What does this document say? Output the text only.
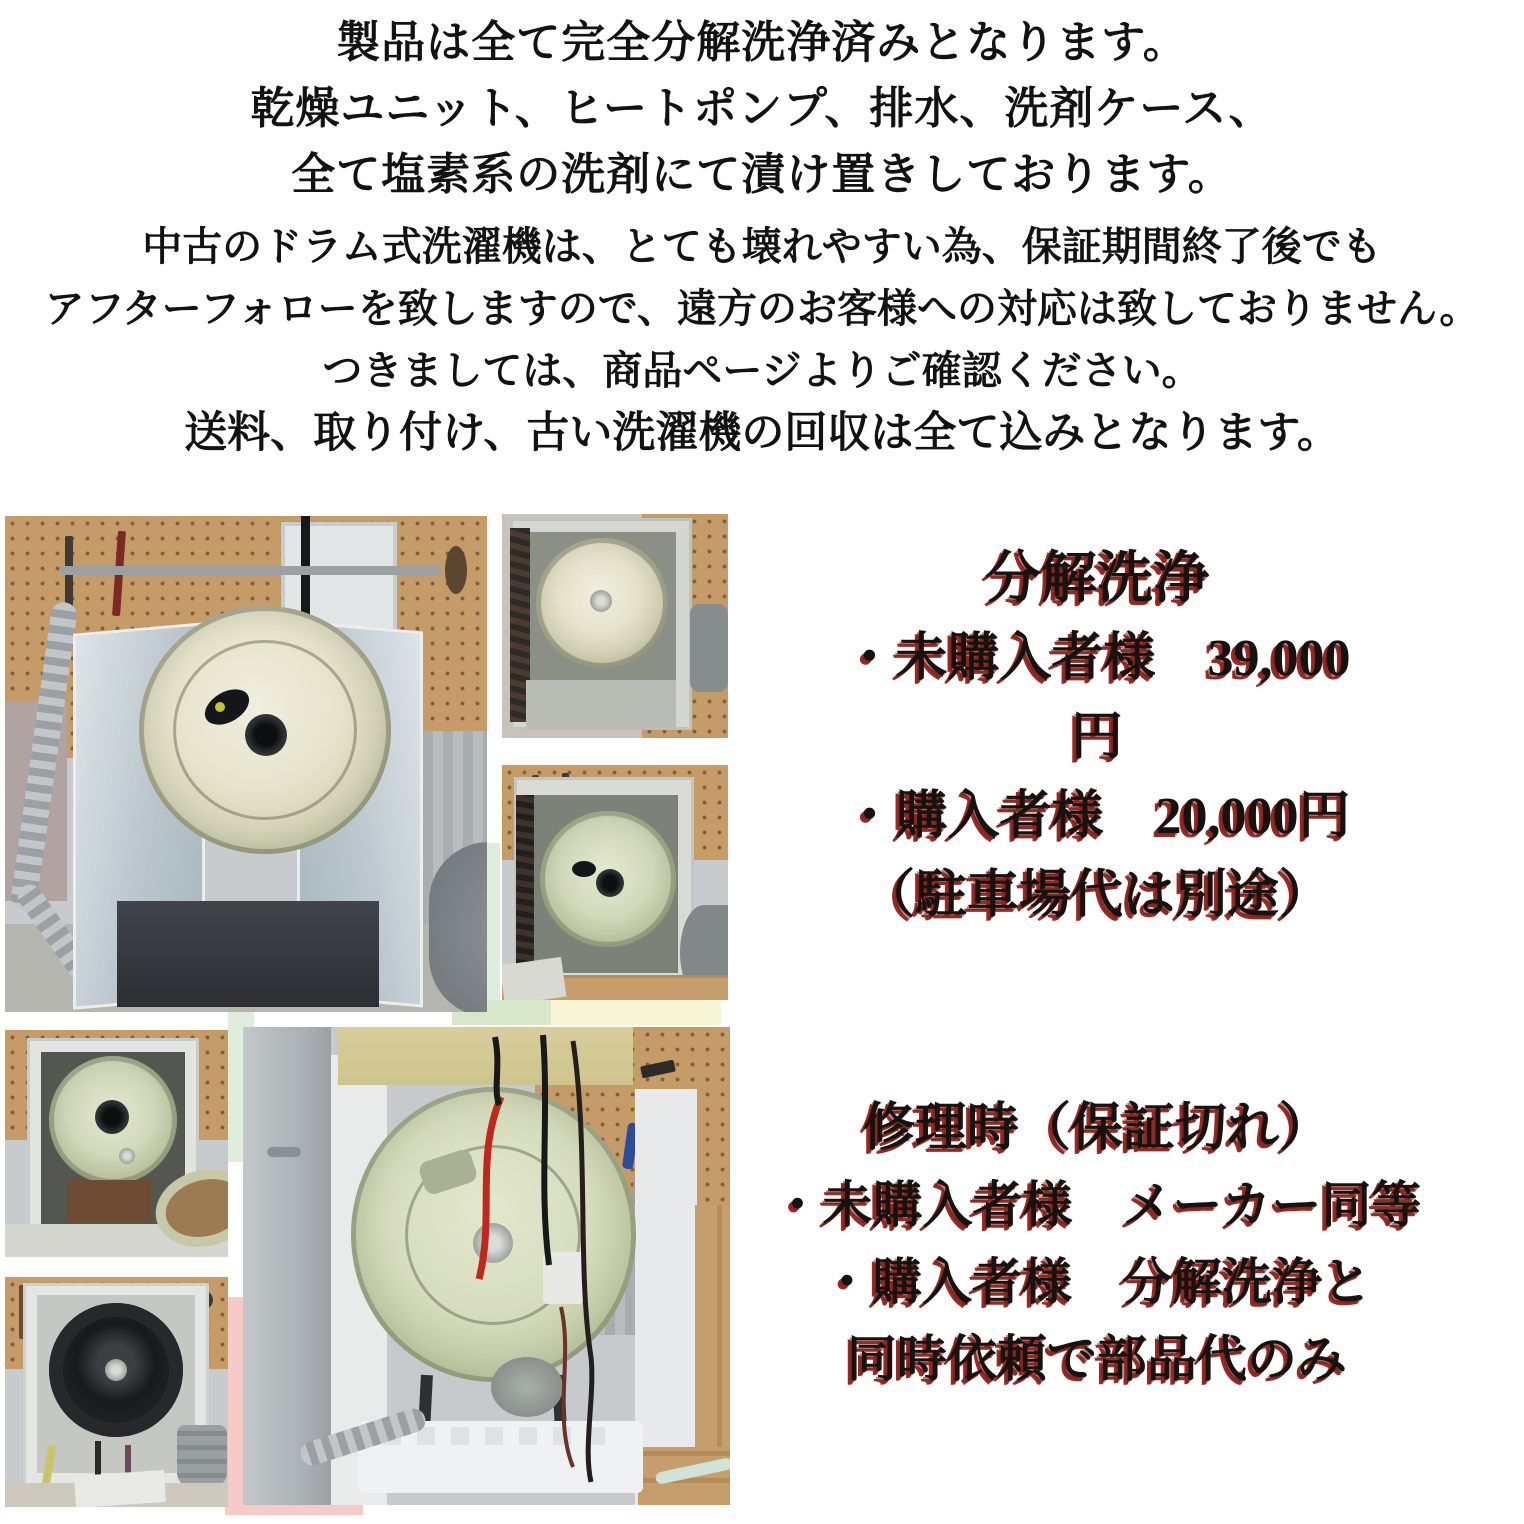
製品は全て完全分解洗浄済みとなります。

乾燥ユニット、ヒートポンプ、排水、洗剤ケース、

全て塩素系の洗剤にて漬け置きしております。

中古のドラム式洗濯機は、とても壊れやすい為、保証期間終了後でも

アフターフォローを致しますので、遠方のお客様への対応は致しておりません。

つきましては、商品ページよりご確認ください。

送料、取り付け、古い洗濯機の回収は全て込みとなります。

分解洗浄

・未購入者様　39,000

円

・購入者様　20,000円

（駐車場代は別途）

修理時（保証切れ）

・未購入者様　メーカー同等

・購入者様　分解洗浄と

同時依頼で部品代のみ
